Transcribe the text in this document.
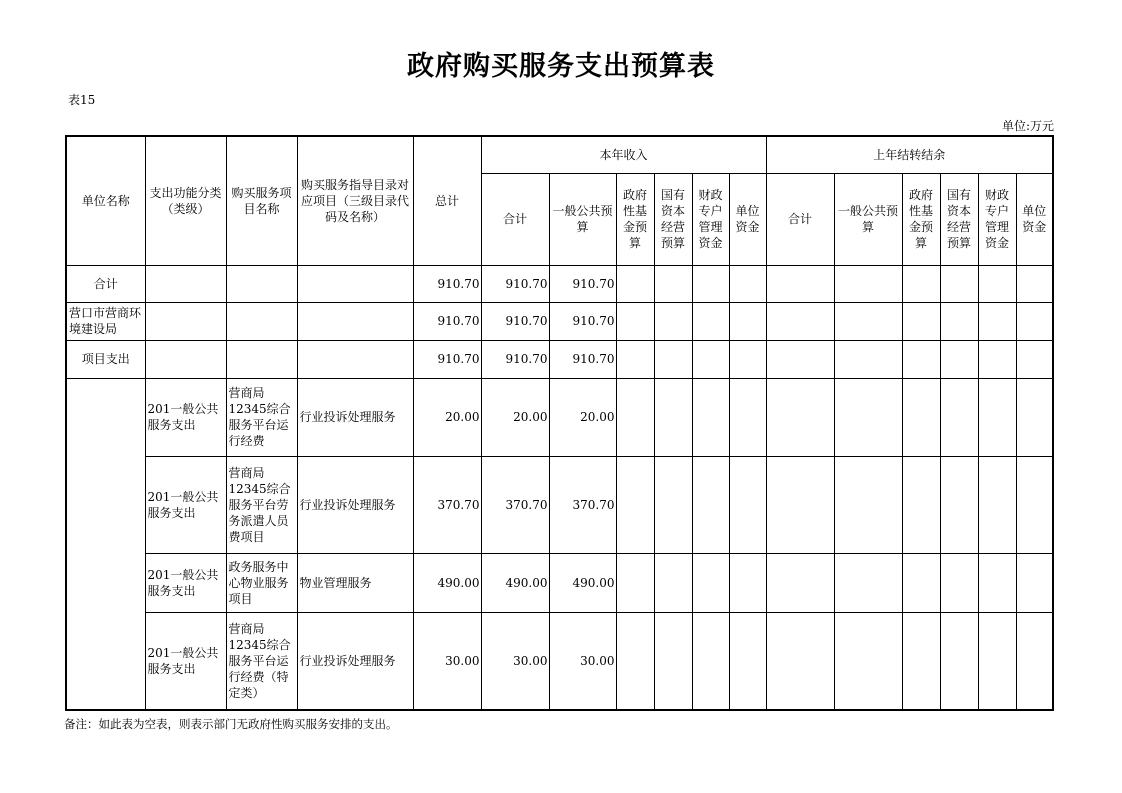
政府购买服务支出预算表
表15
单位:万元
单位名称	支出功能分类（类级）	购买服务项目名称	购买服务指导目录对应项目（三级目录代码及名称）	总计	本年收入						上年结转结余					
					合计	一般公共预算	政府性基金预算	国有资本经营预算	财政专户管理资金	单位资金	合计	一般公共预算	政府性基金预算	国有资本经营预算	财政专户管理资金	单位资金
合计				910.70	910.70	910.70										
营口市营商环境建设局				910.70	910.70	910.70										
项目支出				910.70	910.70	910.70										
	201一般公共服务支出	营商局12345综合服务平台运行经费	行业投诉处理服务	20.00	20.00	20.00										
	201一般公共服务支出	营商局12345综合服务平台劳务派遣人员费项目	行业投诉处理服务	370.70	370.70	370.70										
	201一般公共服务支出	政务服务中心物业服务项目	物业管理服务	490.00	490.00	490.00										
	201一般公共服务支出	营商局12345综合服务平台运行经费（特定类）	行业投诉处理服务	30.00	30.00	30.00										
备注：如此表为空表，则表示部门无政府性购买服务安排的支出。
